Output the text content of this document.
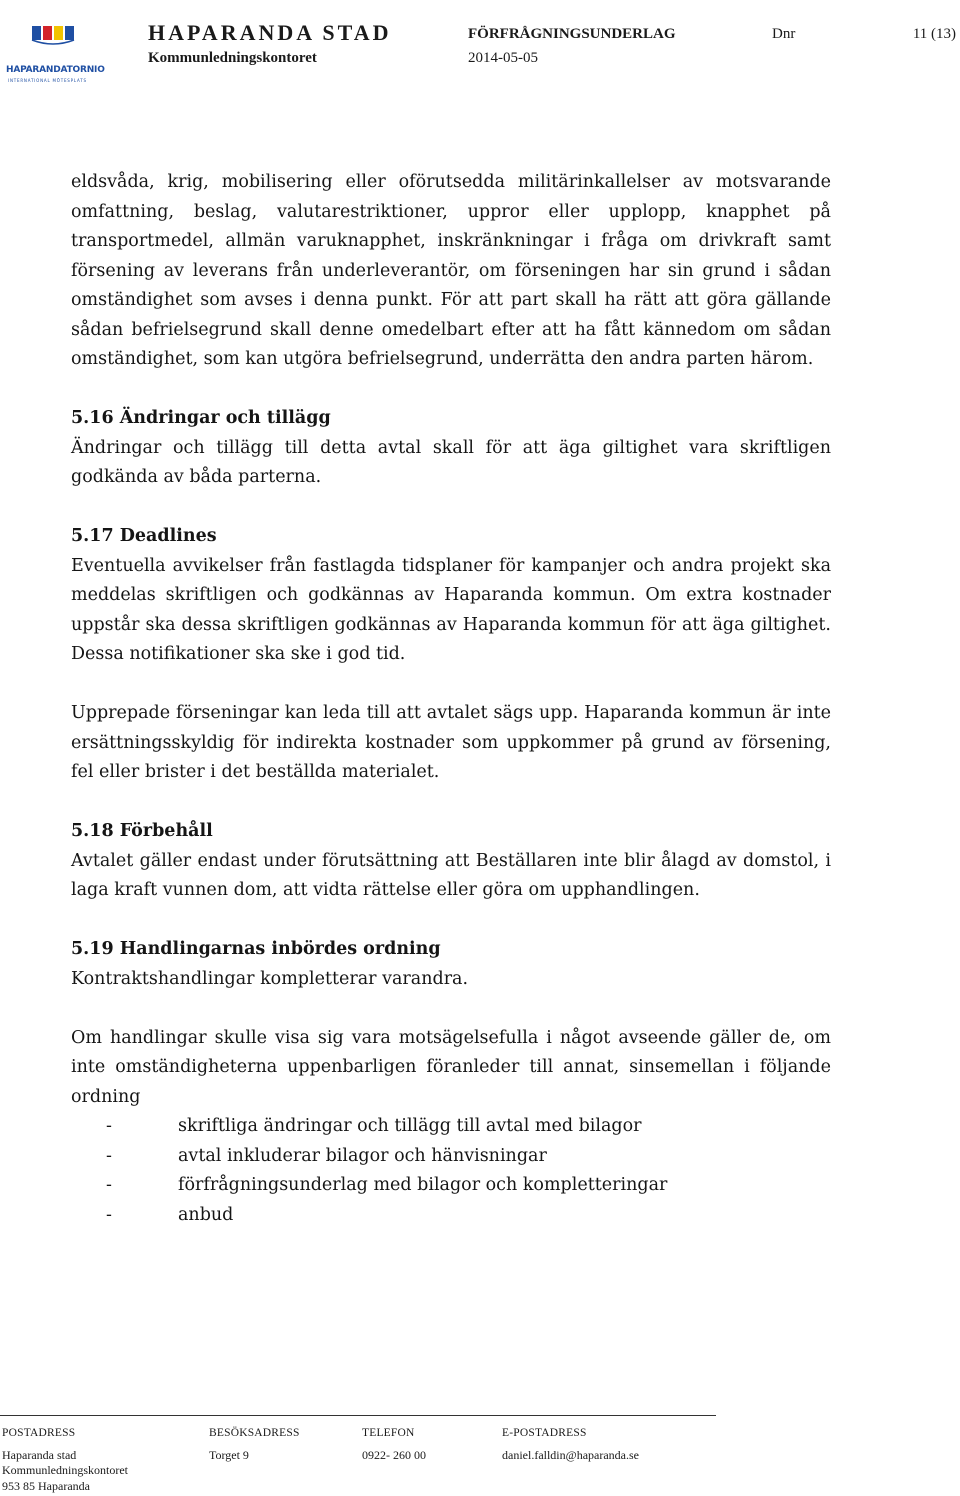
HAPARANDATORNIO
INTERNATIONAL MÖTESPLATS
HAPARANDA STAD
Kommunledningskontoret
FÖRFRÅGNINGSUNDERLAG
2014-05-05
Dnr	11 (13)

eldsvåda, krig, mobilisering eller oförutsedda militärinkallelser av motsvarande omfattning, beslag, valutarestriktioner, uppror eller upplopp, knapphet på transportmedel, allmän varuknapphet, inskränkningar i fråga om drivkraft samt försening av leverans från underleverantör, om förseningen har sin grund i sådan omständighet som avses i denna punkt. För att part skall ha rätt att göra gällande sådan befrielsegrund skall denne omedelbart efter att ha fått kännedom om sådan omständighet, som kan utgöra befrielsegrund, underrätta den andra parten härom.

5.16 Ändringar och tillägg

Ändringar och tillägg till detta avtal skall för att äga giltighet vara skriftligen godkända av båda parterna.

5.17 Deadlines

Eventuella avvikelser från fastlagda tidsplaner för kampanjer och andra projekt ska meddelas skriftligen och godkännas av Haparanda kommun. Om extra kostnader uppstår ska dessa skriftligen godkännas av Haparanda kommun för att äga giltighet. Dessa notifikationer ska ske i god tid.

Upprepade förseningar kan leda till att avtalet sägs upp. Haparanda kommun är inte ersättningsskyldig för indirekta kostnader som uppkommer på grund av försening, fel eller brister i det beställda materialet.

5.18 Förbehåll

Avtalet gäller endast under förutsättning att Beställaren inte blir ålagd av domstol, i laga kraft vunnen dom, att vidta rättelse eller göra om upphandlingen.

5.19 Handlingarnas inbördes ordning

Kontraktshandlingar kompletterar varandra.

Om handlingar skulle visa sig vara motsägelsefulla i något avseende gäller de, om inte omständigheterna uppenbarligen föranleder till annat, sinsemellan i följande ordning

-	skriftliga ändringar och tillägg till avtal med bilagor
-	avtal inkluderar bilagor och hänvisningar
-	förfrågningsunderlag med bilagor och kompletteringar
-	anbud
POSTADRESS
Haparanda stad
Kommunledningskontoret
953 85 Haparanda
BESÖKSADRESS
Torget 9
TELEFON
0922- 260 00
E-POSTADRESS
daniel.falldin@haparanda.se
